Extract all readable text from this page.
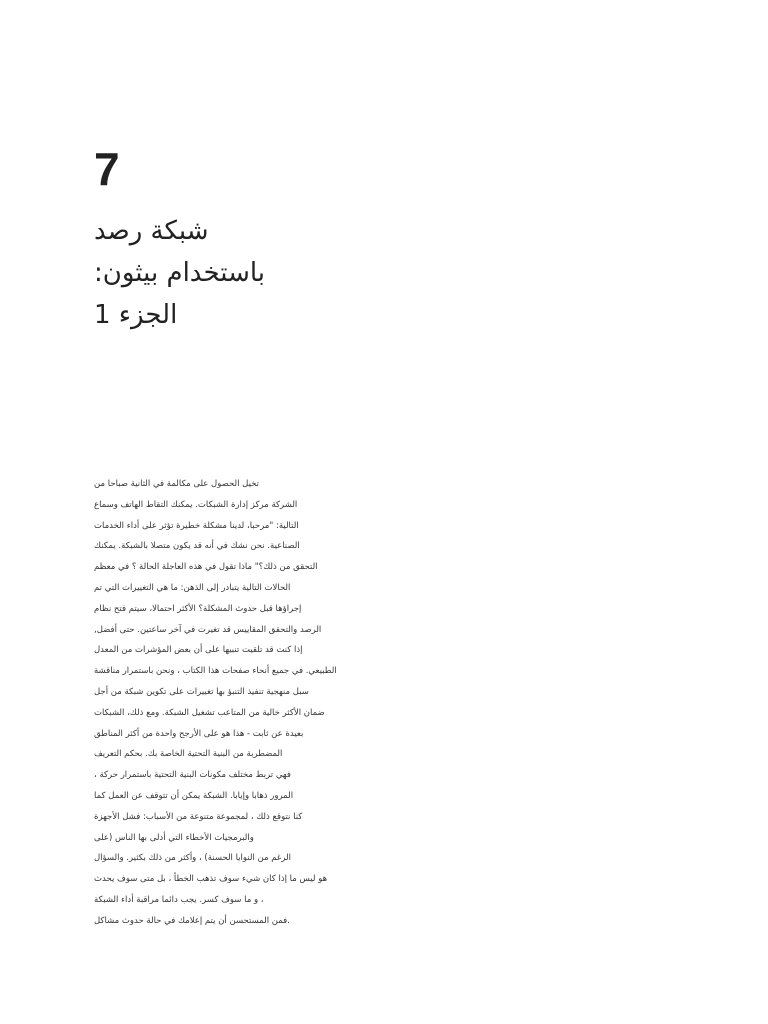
7
شبكة رصد
باستخدام بيثون:
الجزء 1
تخيل الحصول على مكالمة في الثانية صباحا من
الشركة مركز إدارة الشبكات. يمكنك التقاط الهاتف وسماع
التالية: "مرحبا، لدينا مشكلة خطيرة تؤثر على أداء الخدمات
الصناعية. نحن نشك في أنه قد يكون متصلا بالشبكة. يمكنك
التحقق من ذلك؟" ماذا تقول في هذه العاجلة الحالة ؟ في معظم
الحالات التالية يتبادر إلى الذهن: ما هي التغييرات التي تم
إجراؤها قبل حدوث المشكلة؟ الأكثر احتمالا، سيتم فتح نظام
الرصد والتحقق المقاييس قد تغيرت في آخر ساعتين. حتى أفضل,
إذا كنت قد تلقيت تنبيها على أن بعض المؤشرات من المعدل
الطبيعي. في جميع أنحاء صفحات هذا الكتاب ، ونحن باستمرار مناقشة
سبل منهجية تنفيذ التنبؤ بها تغييرات على تكوين شبكة من أجل
ضمان الأكثر خالية من المتاعب تشغيل الشبكة. ومع ذلك، الشبكات
بعيدة عن ثابت - هذا هو على الأرجح واحدة من أكثر المناطق
المضطربة من البنية التحتية الخاصة بك. بحكم التعريف
فهي تربط مختلف مكونات البنية التحتية باستمرار حركة ،
المرور ذهابا وإيابا. الشبكة يمكن أن تتوقف عن العمل كما
كنا نتوقع ذلك ، لمجموعة متنوعة من الأسباب: فشل الأجهزة
والبرمجيات الأخطاء التي أدلى بها الناس (على
الرغم من النوايا الحسنة) ، وأكثر من ذلك بكثير. والسؤال
هو ليس ما إذا كان شيء سوف تذهب الخطأ ، بل متى سوف يحدث
، و ما سوف كسر. يجب دائما مراقبة أداء الشبكة
.فمن المستحسن أن يتم إعلامك في حالة حدوث مشاكل
